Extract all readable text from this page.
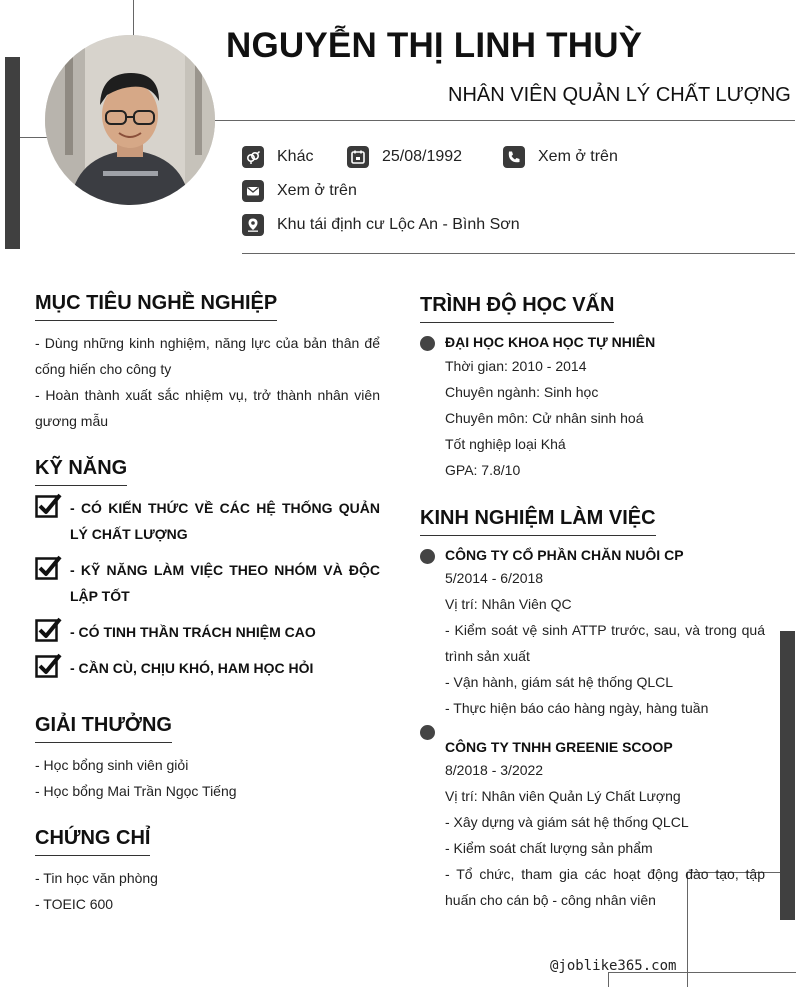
NGUYỄN THỊ LINH THUỲ
NHÂN VIÊN QUẢN LÝ CHẤT LƯỢNG
Khác	25/08/1992	Xem ở trên
Xem ở trên
Khu tái định cư Lộc An - Bình Sơn
MỤC TIÊU NGHỀ NGHIỆP
- Dùng những kinh nghiệm, năng lực của bản thân để cống hiến cho công ty
- Hoàn thành xuất sắc nhiệm vụ, trở thành nhân viên gương mẫu
KỸ NĂNG
- CÓ KIẾN THỨC VỀ CÁC HỆ THỐNG QUẢN LÝ CHẤT LƯỢNG
- KỸ NĂNG LÀM VIỆC THEO NHÓM VÀ ĐỘC LẬP TỐT
- CÓ TINH THẦN TRÁCH NHIỆM CAO
- CẦN CÙ, CHỊU KHÓ, HAM HỌC HỎI
GIẢI THƯỞNG
- Học bổng sinh viên giỏi
- Học bổng Mai Trần Ngọc Tiếng
CHỨNG CHỈ
- Tin học văn phòng
- TOEIC 600
TRÌNH ĐỘ HỌC VẤN
ĐẠI HỌC KHOA HỌC TỰ NHIÊN
Thời gian: 2010 - 2014
Chuyên ngành: Sinh học
Chuyên môn: Cử nhân sinh hoá
Tốt nghiệp loại Khá
GPA: 7.8/10
KINH NGHIỆM LÀM VIỆC
CÔNG TY CỔ PHẦN CHĂN NUÔI CP
5/2014 - 6/2018
Vị trí: Nhân Viên QC
- Kiểm soát vệ sinh ATTP trước, sau, và trong quá trình sản xuất
- Vận hành, giám sát hệ thống QLCL
- Thực hiện báo cáo hàng ngày, hàng tuần
CÔNG TY TNHH GREENIE SCOOP
8/2018 - 3/2022
Vị trí: Nhân viên Quản Lý Chất Lượng
- Xây dựng và giám sát hệ thống QLCL
- Kiểm soát chất lượng sản phẩm
- Tổ chức, tham gia các hoạt động đào tạo, tập huấn cho cán bộ - công nhân viên
@joblike365.com
